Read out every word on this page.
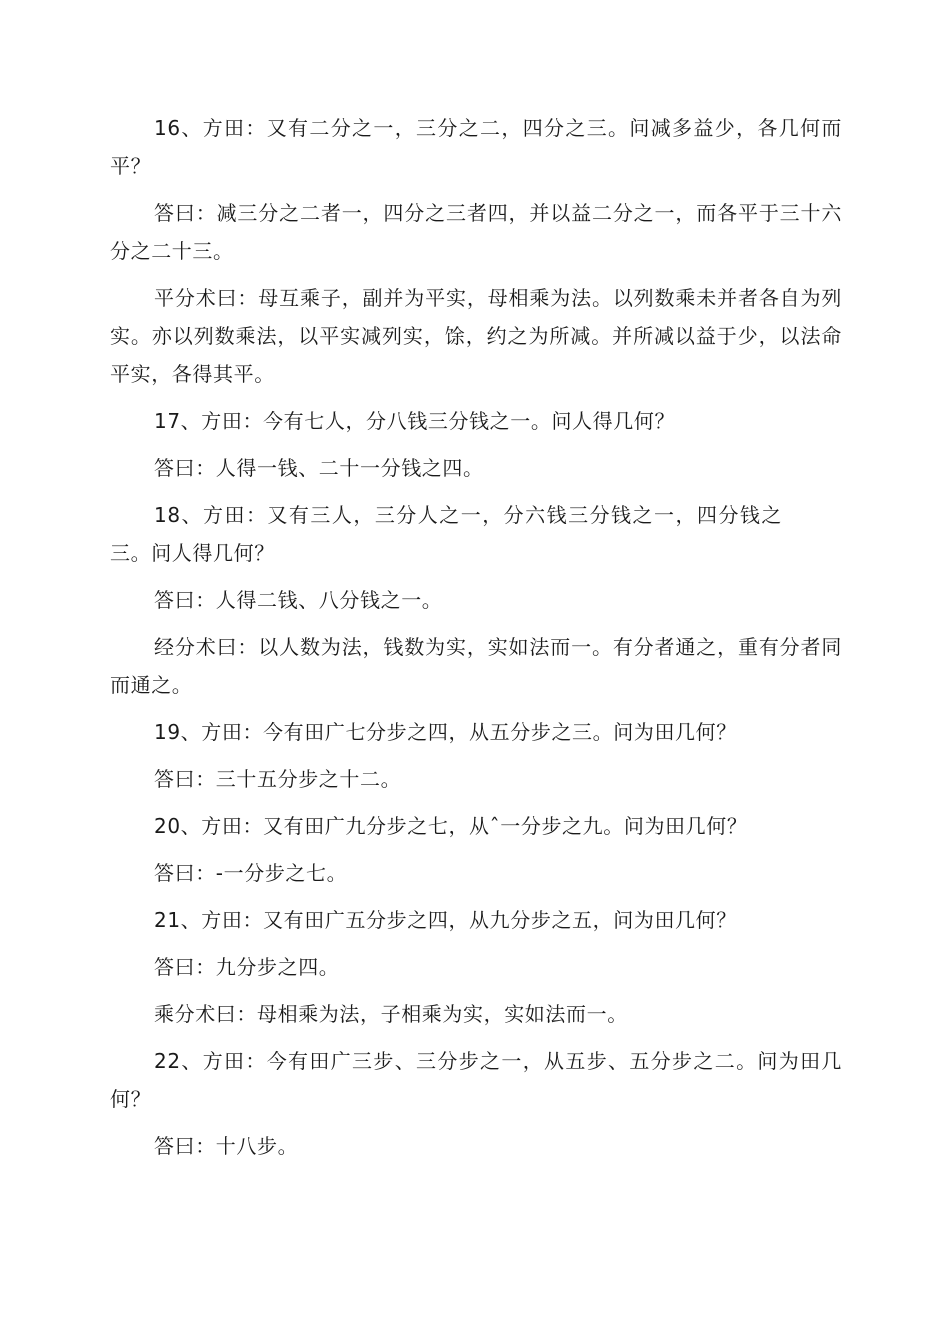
16、方田：又有二分之一，三分之二，四分之三。问减多益少，各几何而平？

答曰：减三分之二者一，四分之三者四，并以益二分之一，而各平于三十六分之二十三。

平分术曰：母互乘子，副并为平实，母相乘为法。以列数乘未并者各自为列实。亦以列数乘法，以平实减列实，馀，约之为所减。并所减以益于少，以法命平实，各得其平。

17、方田：今有七人，分八钱三分钱之一。问人得几何？

答曰：人得一钱、二十一分钱之四。

18、方田：又有三人，三分人之一，分六钱三分钱之一，四分钱之三。问人得几何？

答曰：人得二钱、八分钱之一。

经分术曰：以人数为法，钱数为实，实如法而一。有分者通之，重有分者同而通之。

19、方田：今有田广七分步之四，从五分步之三。问为田几何？

答曰：三十五分步之十二。

20、方田：又有田广九分步之七，从ˆ一分步之九。问为田几何？

答曰：-一分步之七。

21、方田：又有田广五分步之四，从九分步之五，问为田几何？

答曰：九分步之四。

乘分术曰：母相乘为法，子相乘为实，实如法而一。

22、方田：今有田广三步、三分步之一，从五步、五分步之二。问为田几何？

答曰：十八步。
